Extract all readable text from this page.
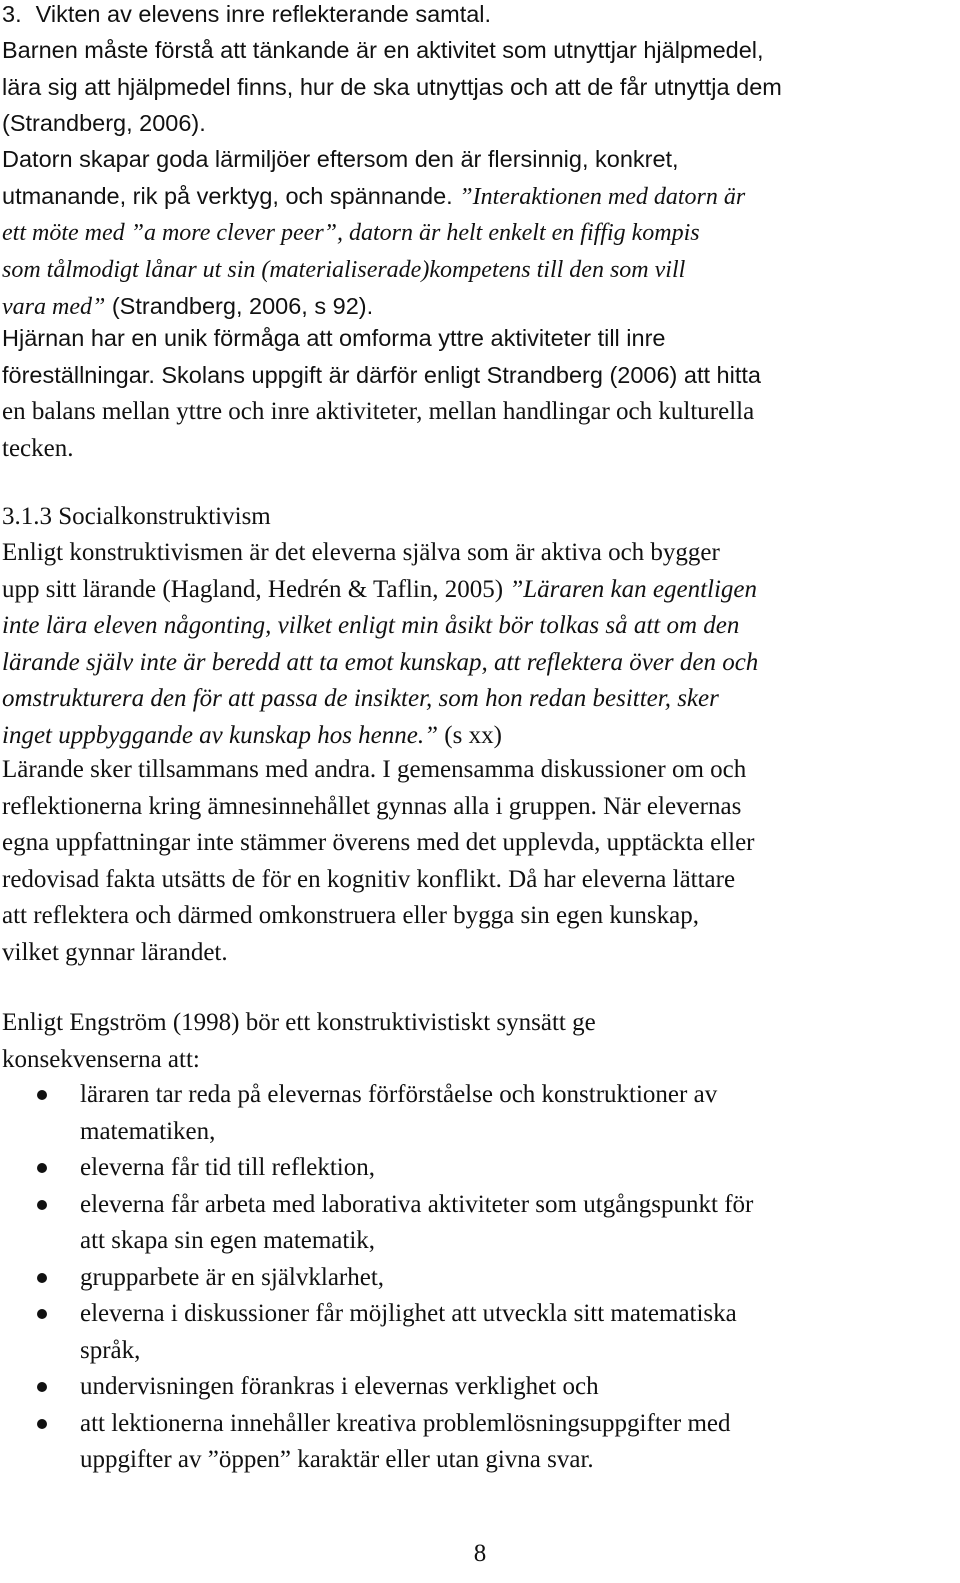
3. Vikten av elevens inre reflekterande samtal.
Barnen måste förstå att tänkande är en aktivitet som utnyttjar hjälpmedel,
lära sig att hjälpmedel finns, hur de ska utnyttjas och att de får utnyttja dem
(Strandberg, 2006).
Datorn skapar goda lärmiljöer eftersom den är flersinnig, konkret,
utmanande, rik på verktyg, och spännande. ”Interaktionen med datorn är
ett möte med ”a more clever peer”, datorn är helt enkelt en fiffig kompis
som tålmodigt lånar ut sin (materialiserade)kompetens till den som vill
vara med” (Strandberg, 2006, s 92).
Hjärnan har en unik förmåga att omforma yttre aktiviteter till inre
föreställningar. Skolans uppgift är därför enligt Strandberg (2006) att hitta
en balans mellan yttre och inre aktiviteter, mellan handlingar och kulturella
tecken.
3.1.3 Socialkonstruktivism
Enligt konstruktivismen är det eleverna själva som är aktiva och bygger
upp sitt lärande (Hagland, Hedrén & Taflin, 2005) ”Läraren kan egentligen
inte lära eleven någonting, vilket enligt min åsikt bör tolkas så att om den
lärande själv inte är beredd att ta emot kunskap, att reflektera över den och
omstrukturera den för att passa de insikter, som hon redan besitter, sker
inget uppbyggande av kunskap hos henne.” (s xx)
Lärande sker tillsammans med andra. I gemensamma diskussioner om och
reflektionerna kring ämnesinnehållet gynnas alla i gruppen. När elevernas
egna uppfattningar inte stämmer överens med det upplevda, upptäckta eller
redovisad fakta utsätts de för en kognitiv konflikt. Då har eleverna lättare
att reflektera och därmed omkonstruera eller bygga sin egen kunskap,
vilket gynnar lärandet.
Enligt Engström (1998) bör ett konstruktivistiskt synsätt ge
konsekvenserna att:
läraren tar reda på elevernas förförståelse och konstruktioner av
matematiken,
eleverna får tid till reflektion,
eleverna får arbeta med laborativa aktiviteter som utgångspunkt för
att skapa sin egen matematik,
grupparbete är en självklarhet,
eleverna i diskussioner får möjlighet att utveckla sitt matematiska
språk,
undervisningen förankras i elevernas verklighet och
att lektionerna innehåller kreativa problemlösningsuppgifter med
uppgifter av ”öppen” karaktär eller utan givna svar.
8
